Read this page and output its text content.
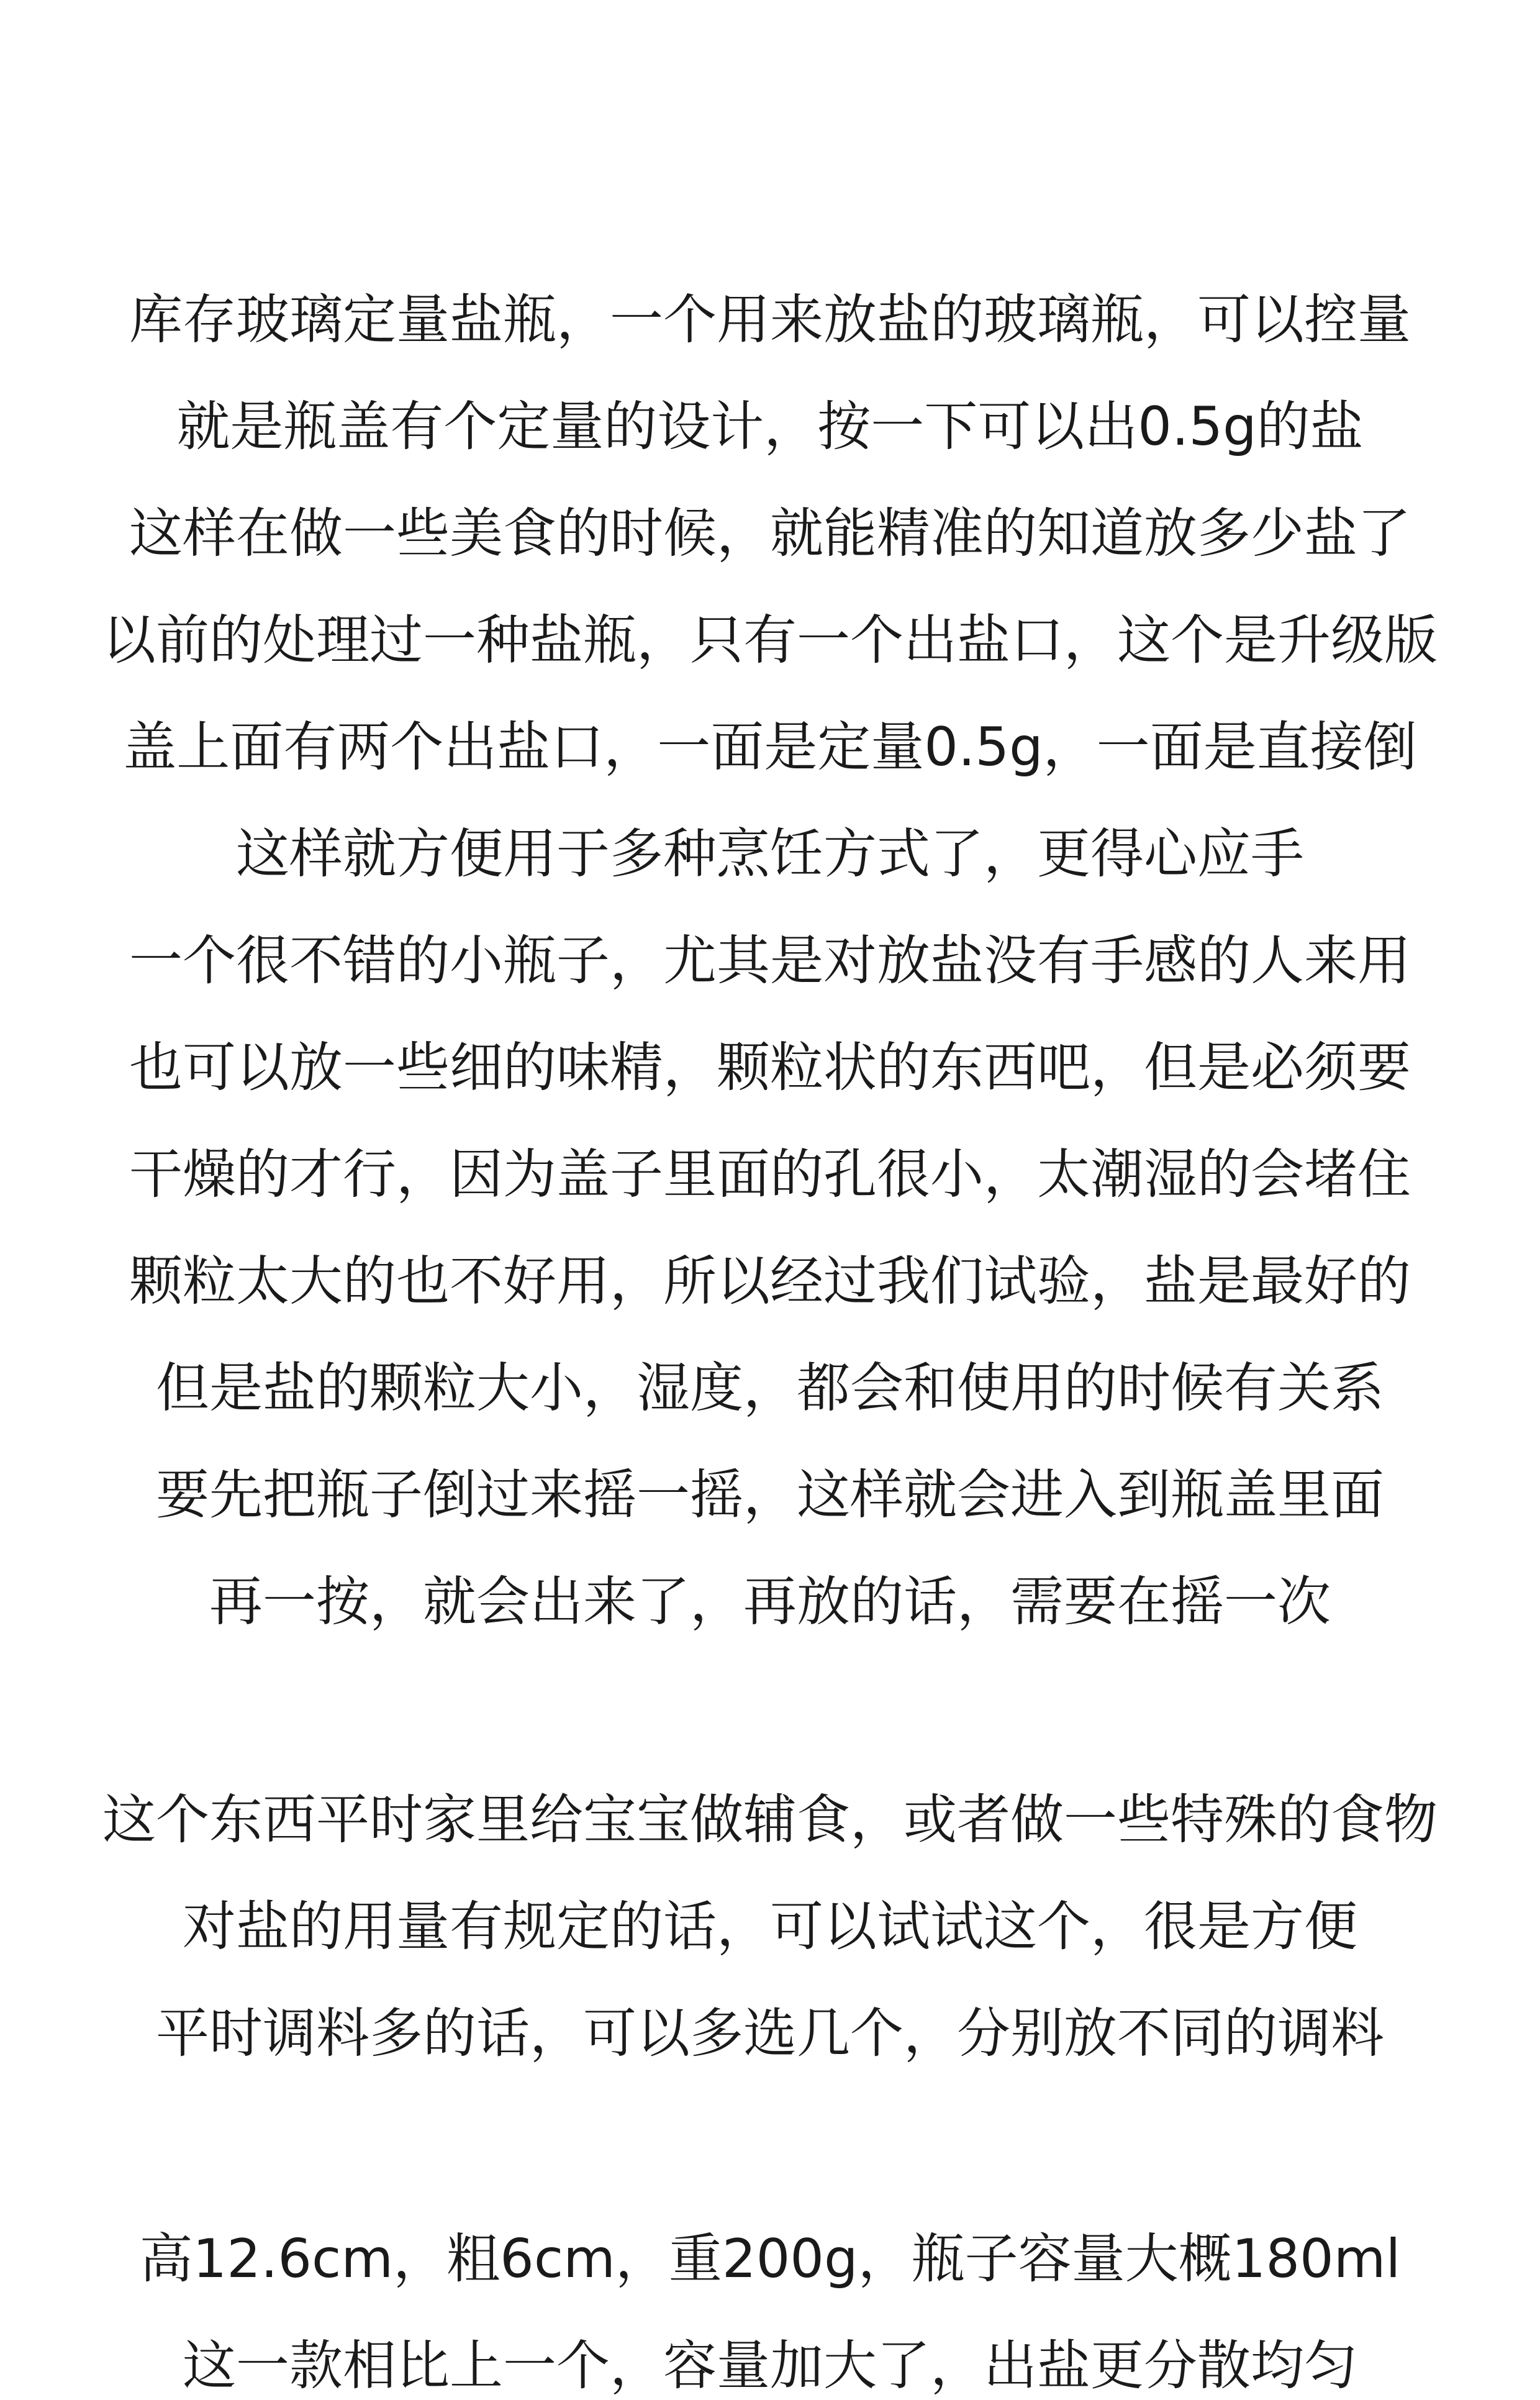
库存玻璃定量盐瓶，一个用来放盐的玻璃瓶，可以控量
就是瓶盖有个定量的设计，按一下可以出0.5g的盐
这样在做一些美食的时候，就能精准的知道放多少盐了
以前的处理过一种盐瓶，只有一个出盐口，这个是升级版
盖上面有两个出盐口，一面是定量0.5g，一面是直接倒
这样就方便用于多种烹饪方式了，更得心应手
一个很不错的小瓶子，尤其是对放盐没有手感的人来用
也可以放一些细的味精，颗粒状的东西吧，但是必须要
干燥的才行，因为盖子里面的孔很小，太潮湿的会堵住
颗粒太大的也不好用，所以经过我们试验，盐是最好的
但是盐的颗粒大小，湿度，都会和使用的时候有关系
要先把瓶子倒过来摇一摇，这样就会进入到瓶盖里面
再一按，就会出来了，再放的话，需要在摇一次
这个东西平时家里给宝宝做辅食，或者做一些特殊的食物
对盐的用量有规定的话，可以试试这个，很是方便
平时调料多的话，可以多选几个，分别放不同的调料
高12.6cm，粗6cm，重200g，瓶子容量大概180ml
这一款相比上一个，容量加大了，出盐更分散均匀
